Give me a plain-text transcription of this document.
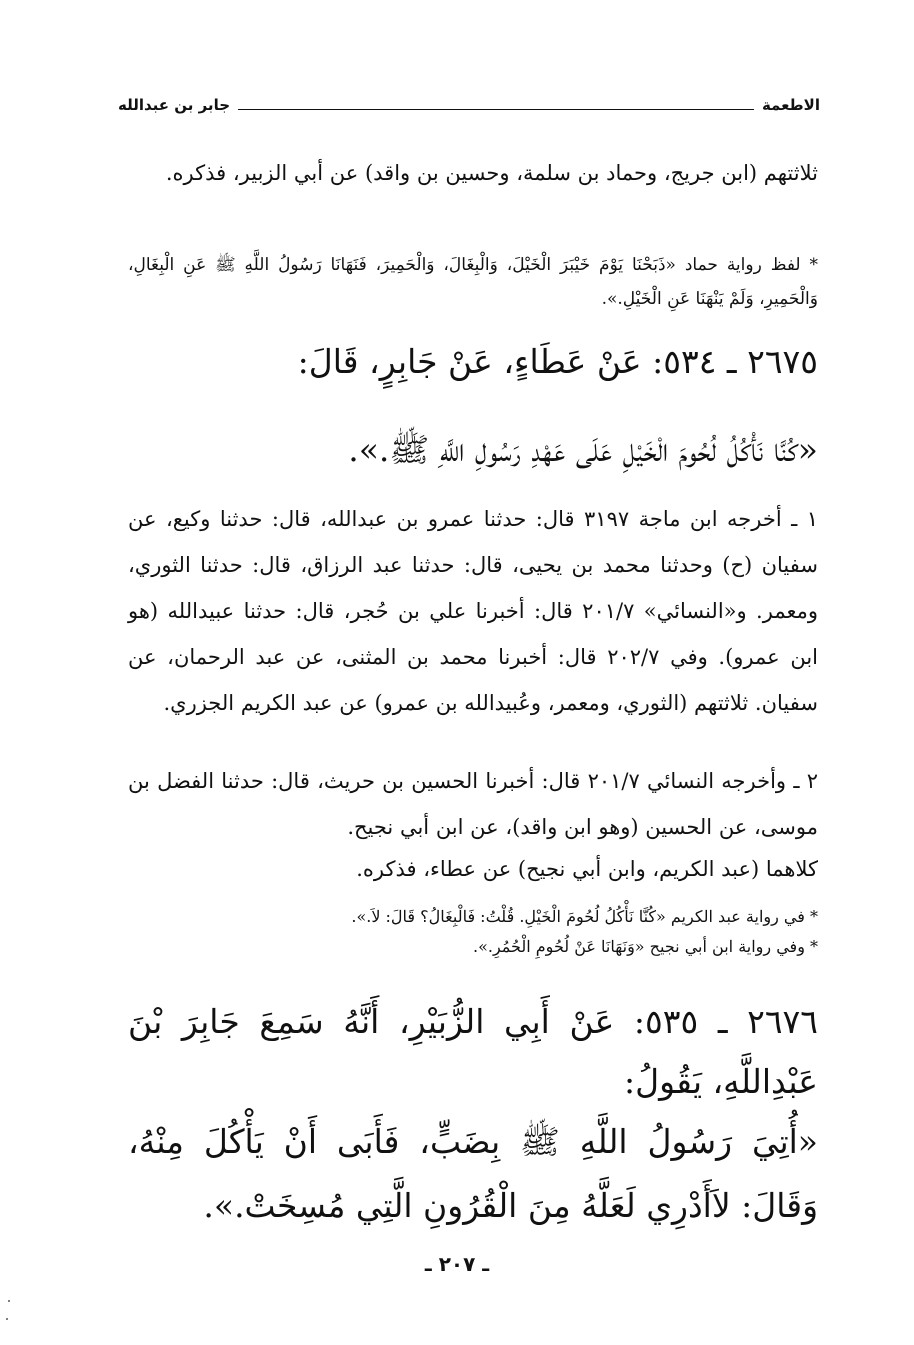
الاطعمة
جابر بن عبدالله
ثلاثتهم (ابن جريج، وحماد بن سلمة، وحسين بن واقد) عن أبي الزبير، فذكره.
* لفظ رواية حماد «ذَبَحْنَا يَوْمَ خَيْبَرَ الْخَيْلَ، وَالْبِغَالَ، وَالْحَمِيرَ، فَنَهَانَا رَسُولُ اللَّهِ ﷺ عَنِ الْبِغَالِ، وَالْحَمِيرِ، وَلَمْ يَنْهَنَا عَنِ الْخَيْلِ.».
٢٦٧٥ ـ ٥٣٤: عَنْ عَطَاءٍ، عَنْ جَابِرٍ، قَالَ:
«كُنَّا نَأْكُلُ لُحُومَ الْخَيْلِ عَلَى عَهْدِ رَسُولِ اللَّهِ ﷺ.».
١ ـ أخرجه ابن ماجة ٣١٩٧ قال: حدثنا عمرو بن عبدالله، قال: حدثنا وكيع، عن سفيان (ح) وحدثنا محمد بن يحيى، قال: حدثنا عبد الرزاق، قال: حدثنا الثوري، ومعمر. و«النسائي» ٢٠١/٧ قال: أخبرنا علي بن حُجر، قال: حدثنا عبيدالله (هو ابن عمرو). وفي ٢٠٢/٧ قال: أخبرنا محمد بن المثنى، عن عبد الرحمان، عن سفيان. ثلاثتهم (الثوري، ومعمر، وعُبيدالله بن عمرو) عن عبد الكريم الجزري.
٢ ـ وأخرجه النسائي ٢٠١/٧ قال: أخبرنا الحسين بن حريث، قال: حدثنا الفضل بن موسى، عن الحسين (وهو ابن واقد)، عن ابن أبي نجيح.
كلاهما (عبد الكريم، وابن أبي نجيح) عن عطاء، فذكره.
* في رواية عبد الكريم «كُنَّا نَأْكُلُ لُحُومَ الْخَيْلِ. قُلْتُ: فَالْبِغَالُ؟ قَالَ: لاَ.».
* وفي رواية ابن أبي نجيح «وَنَهَانَا عَنْ لُحُومِ الْحُمُرِ.».
٢٦٧٦ ـ ٥٣٥: عَنْ أَبِي الزُّبَيْرِ، أَنَّهُ سَمِعَ جَابِرَ بْنَ عَبْدِاللَّهِ، يَقُولُ:
«أُتِيَ رَسُولُ اللَّهِ ﷺ بِضَبٍّ، فَأَبَى أَنْ يَأْكُلَ مِنْهُ، وَقَالَ: لاَأَدْرِي لَعَلَّهُ مِنَ الْقُرُونِ الَّتِي مُسِخَتْ.».
ـ ٢٠٧ ـ
